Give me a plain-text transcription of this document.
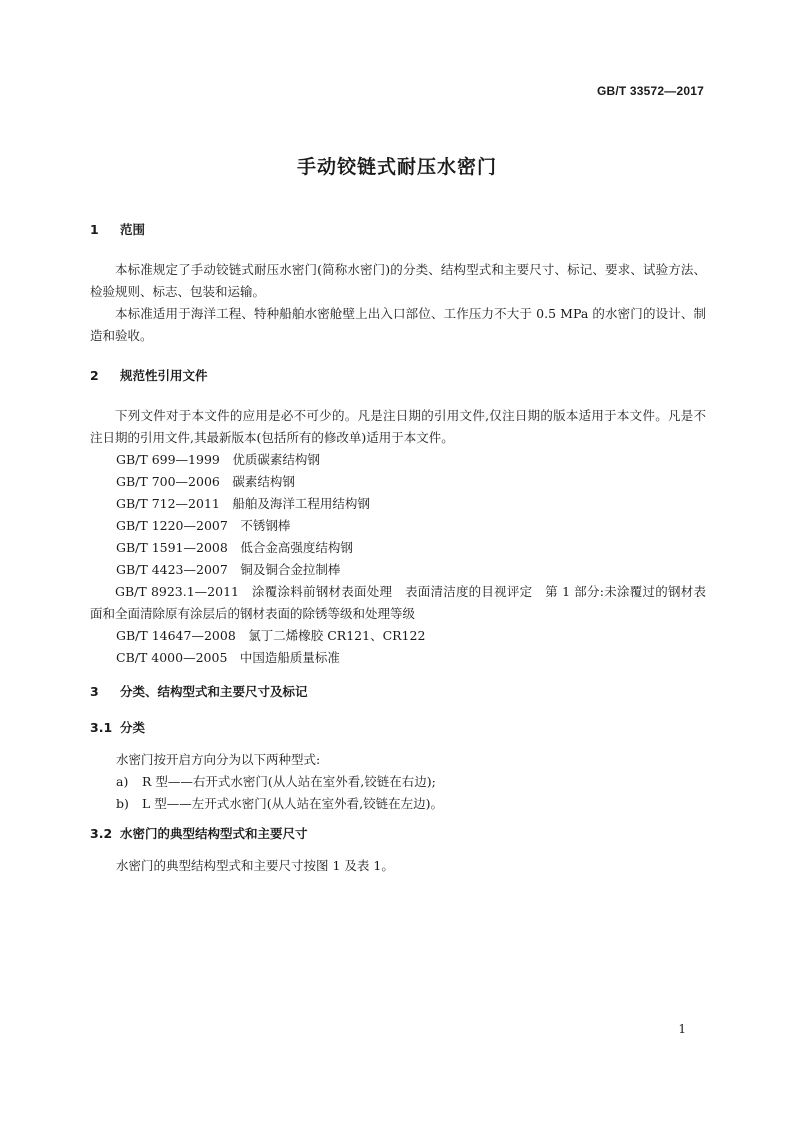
GB/T 33572—2017
手动铰链式耐压水密门
1 范围
本标准规定了手动铰链式耐压水密门(简称水密门)的分类、结构型式和主要尺寸、标记、要求、试验方法、检验规则、标志、包装和运输。
本标准适用于海洋工程、特种船舶水密舱壁上出入口部位、工作压力不大于 0.5 MPa 的水密门的设计、制造和验收。
2 规范性引用文件
下列文件对于本文件的应用是必不可少的。凡是注日期的引用文件,仅注日期的版本适用于本文件。凡是不注日期的引用文件,其最新版本(包括所有的修改单)适用于本文件。
GB/T 699—1999　优质碳素结构钢
GB/T 700—2006　碳素结构钢
GB/T 712—2011　船舶及海洋工程用结构钢
GB/T 1220—2007　不锈钢棒
GB/T 1591—2008　低合金高强度结构钢
GB/T 4423—2007　铜及铜合金拉制棒
GB/T 8923.1—2011　涂覆涂料前钢材表面处理　表面清洁度的目视评定　第 1 部分:未涂覆过的钢材表面和全面清除原有涂层后的钢材表面的除锈等级和处理等级
GB/T 14647—2008　氯丁二烯橡胶 CR121、CR122
CB/T 4000—2005　中国造船质量标准
3 分类、结构型式和主要尺寸及标记
3.1 分类
水密门按开启方向分为以下两种型式:
a) R 型——右开式水密门(从人站在室外看,铰链在右边);
b) L 型——左开式水密门(从人站在室外看,铰链在左边)。
3.2 水密门的典型结构型式和主要尺寸
水密门的典型结构型式和主要尺寸按图 1 及表 1。
1
